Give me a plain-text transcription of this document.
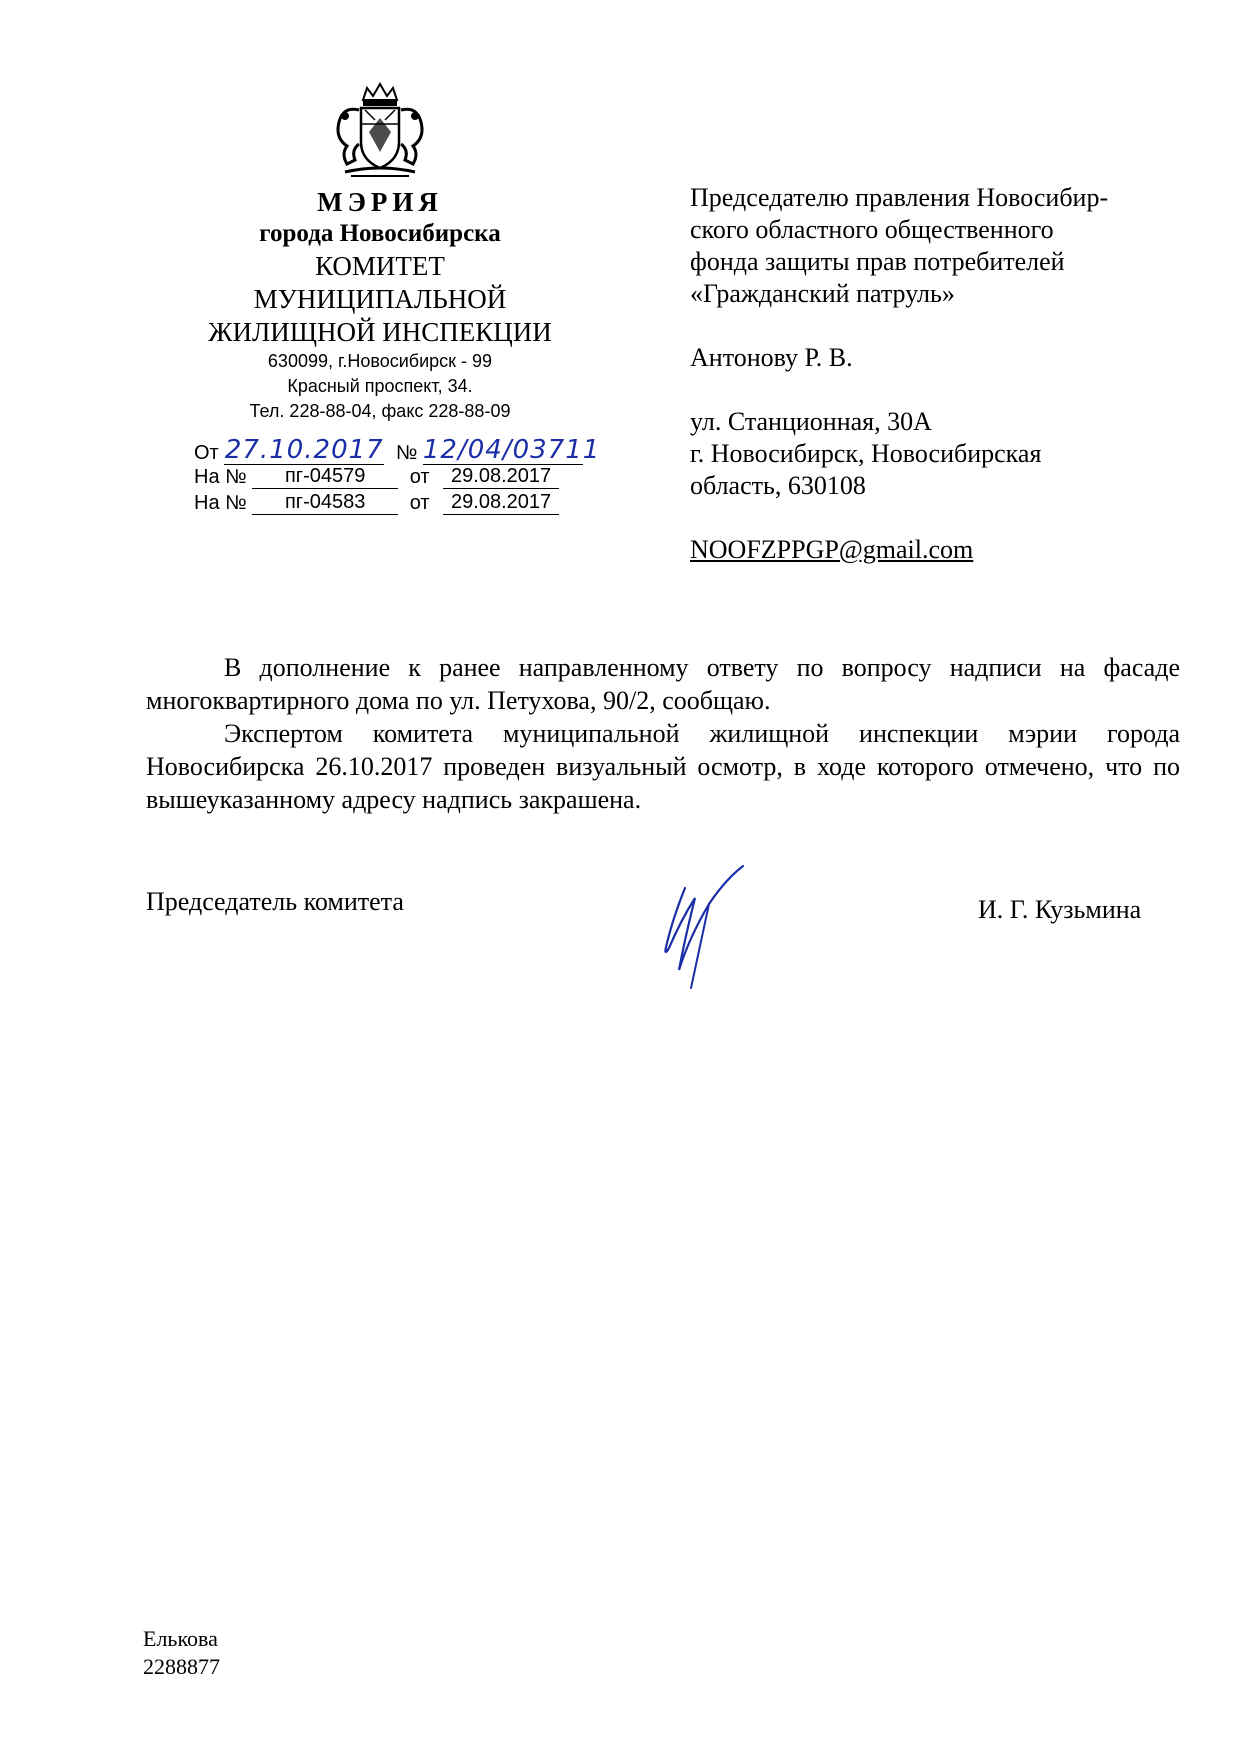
МЭРИЯ
города Новосибирска
КОМИТЕТ
МУНИЦИПАЛЬНОЙ
ЖИЛИЩНОЙ ИНСПЕКЦИИ
630099, г.Новосибирск - 99
Красный проспект, 34.
Тел. 228-88-04, факс 228-88-09
От 27.10.2017 № 12/04/03711
На № пг-04579 от 29.08.2017
На № пг-04583 от 29.08.2017

Председателю правления Новосибир-

ского областного общественного

фонда защиты прав потребителей

«Гражданский патруль»

Антонову Р. В.

ул. Станционная, 30А

г. Новосибирск, Новосибирская

область, 630108

NOOFZPPGP@gmail.com

В дополнение к ранее направленному ответу по вопросу надписи на фасаде многоквартирного дома по ул. Петухова, 90/2, сообщаю.

Экспертом комитета муниципальной жилищной инспекции мэрии города Новосибирска 26.10.2017 проведен визуальный осмотр, в ходе которого отмечено, что по вышеуказанному адресу надпись закрашена.

Председатель комитета	И. Г. Кузьмина
Елькова
2288877
